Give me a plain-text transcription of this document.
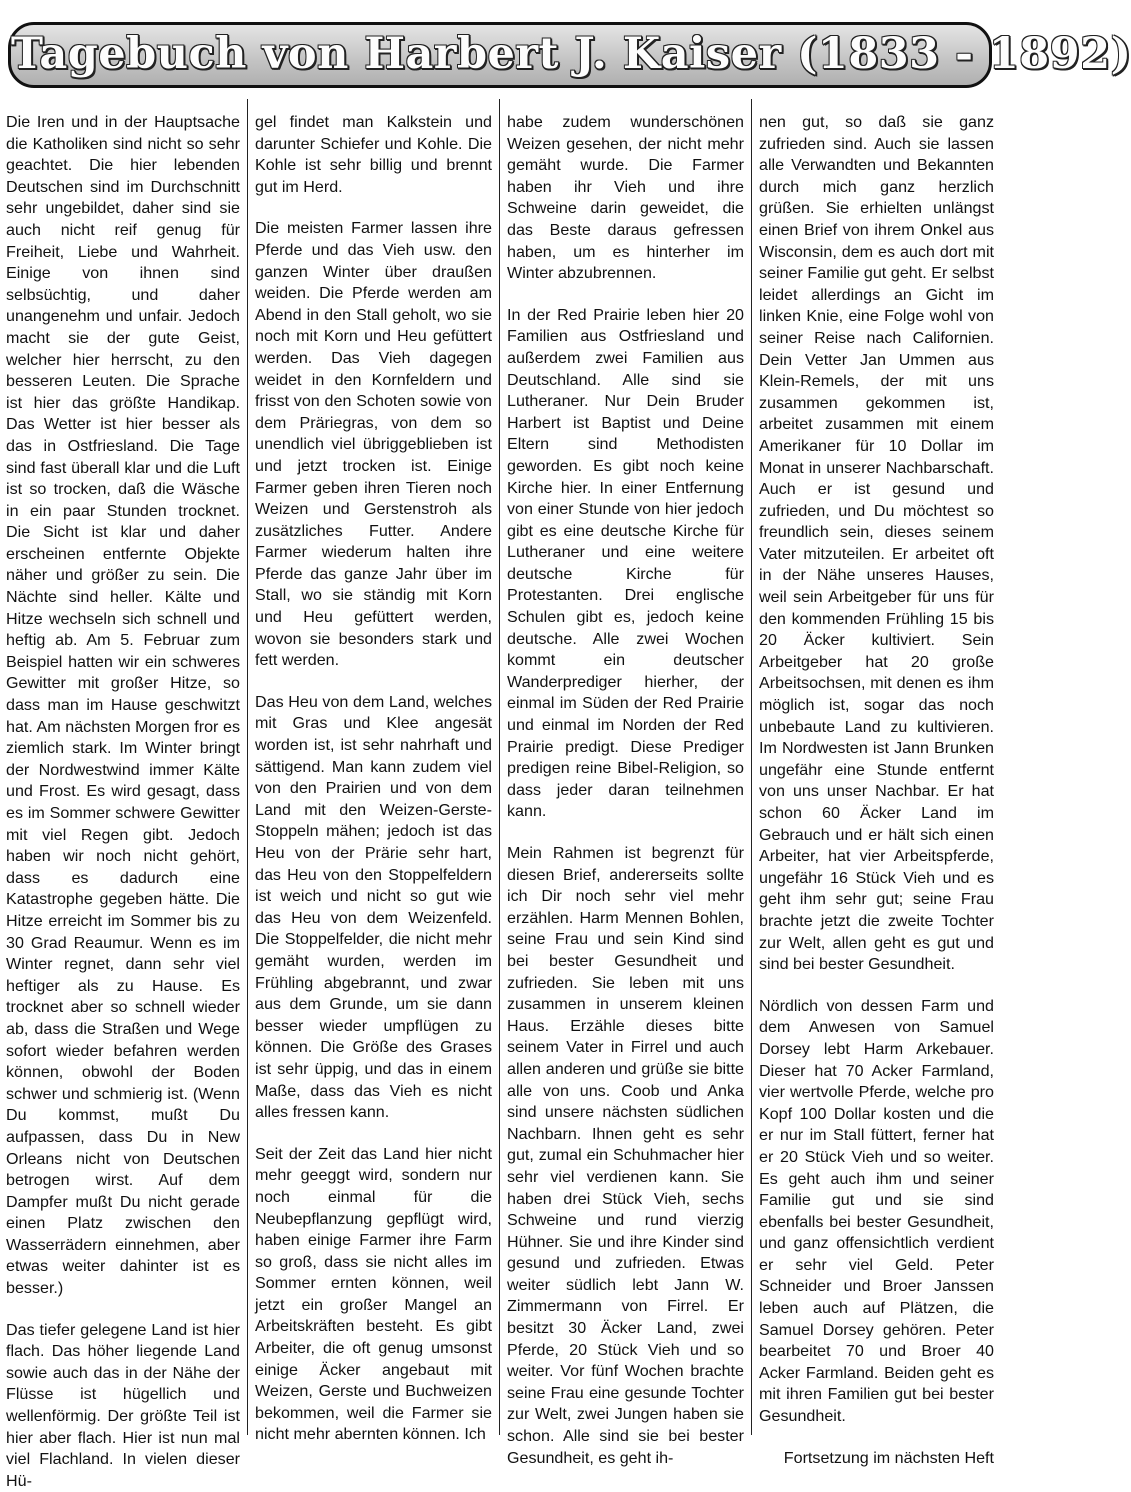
Tagebuch von Harbert J. Kaiser (1833 - 1892)

Die Iren und in der Hauptsache die Katholiken sind nicht so sehr geachtet. Die hier lebenden Deutschen sind im Durchschnitt sehr ungebildet, daher sind sie auch nicht reif genug für Freiheit, Liebe und Wahrheit. Einige von ihnen sind selbsüchtig, und daher unangenehm und unfair. Jedoch macht sie der gute Geist, welcher hier herrscht, zu den besseren Leuten. Die Sprache ist hier das größte Handikap. Das Wetter ist hier besser als das in Ostfriesland. Die Tage sind fast überall klar und die Luft ist so trocken, daß die Wäsche in ein paar Stunden trocknet. Die Sicht ist klar und daher erscheinen entfernte Objekte näher und größer zu sein. Die Nächte sind heller. Kälte und Hitze wechseln sich schnell und heftig ab. Am 5. Februar zum Beispiel hatten wir ein schweres Gewitter mit großer Hitze, so dass man im Hause geschwitzt hat. Am nächsten Morgen fror es ziemlich stark. Im Winter bringt der Nordwestwind immer Kälte und Frost. Es wird gesagt, dass es im Sommer schwere Gewitter mit viel Regen gibt. Jedoch haben wir noch nicht gehört, dass es dadurch eine Katastrophe gegeben hätte. Die Hitze erreicht im Sommer bis zu 30 Grad Reaumur. Wenn es im Winter regnet, dann sehr viel heftiger als zu Hause. Es trocknet aber so schnell wieder ab, dass die Straßen und Wege sofort wieder befahren werden können, obwohl der Boden schwer und schmierig ist. (Wenn Du kommst, mußt Du aufpassen, dass Du in New Orleans nicht von Deutschen betrogen wirst. Auf dem Dampfer mußt Du nicht gerade einen Platz zwischen den Wasserrädern einnehmen, aber etwas weiter dahinter ist es besser.)

Das tiefer gelegene Land ist hier flach. Das höher liegende Land sowie auch das in der Nähe der Flüsse ist hügellich und wellenförmig. Der größte Teil ist hier aber flach. Hier ist nun mal viel Flachland. In vielen dieser Hü-

gel findet man Kalkstein und darunter Schiefer und Kohle. Die Kohle ist sehr billig und brennt gut im Herd.

Die meisten Farmer lassen ihre Pferde und das Vieh usw. den ganzen Winter über draußen weiden. Die Pferde werden am Abend in den Stall geholt, wo sie noch mit Korn und Heu gefüttert werden. Das Vieh dagegen weidet in den Kornfeldern und frisst von den Schoten sowie von dem Präriegras, von dem so unendlich viel übriggeblieben ist und jetzt trocken ist. Einige Farmer geben ihren Tieren noch Weizen und Gerstenstroh als zusätzliches Futter. Andere Farmer wiederum halten ihre Pferde das ganze Jahr über im Stall, wo sie ständig mit Korn und Heu gefüttert werden, wovon sie besonders stark und fett werden.

Das Heu von dem Land, welches mit Gras und Klee angesät worden ist, ist sehr nahrhaft und sättigend. Man kann zudem viel von den Prairien und von dem Land mit den Weizen-Gerste-Stoppeln mähen; jedoch ist das Heu von der Prärie sehr hart, das Heu von den Stoppelfeldern ist weich und nicht so gut wie das Heu von dem Weizenfeld. Die Stoppelfelder, die nicht mehr gemäht wurden, werden im Frühling abgebrannt, und zwar aus dem Grunde, um sie dann besser wieder umpflügen zu können. Die Größe des Grases ist sehr üppig, und das in einem Maße, dass das Vieh es nicht alles fressen kann.

Seit der Zeit das Land hier nicht mehr geeggt wird, sondern nur noch einmal für die Neubepflanzung gepflügt wird, haben einige Farmer ihre Farm so groß, dass sie nicht alles im Sommer ernten können, weil jetzt ein großer Mangel an Arbeitskräften besteht. Es gibt Arbeiter, die oft genug umsonst einige Äcker angebaut mit Weizen, Gerste und Buchweizen bekommen, weil die Farmer sie nicht mehr abernten können. Ich

habe zudem wunderschönen Weizen gesehen, der nicht mehr gemäht wurde. Die Farmer haben ihr Vieh und ihre Schweine darin geweidet, die das Beste daraus gefressen haben, um es hinterher im Winter abzubrennen.

In der Red Prairie leben hier 20 Familien aus Ostfriesland und außerdem zwei Familien aus Deutschland. Alle sind sie Lutheraner. Nur Dein Bruder Harbert ist Baptist und Deine Eltern sind Methodisten geworden. Es gibt noch keine Kirche hier. In einer Entfernung von einer Stunde von hier jedoch gibt es eine deutsche Kirche für Lutheraner und eine weitere deutsche Kirche für Protestanten. Drei englische Schulen gibt es, jedoch keine deutsche. Alle zwei Wochen kommt ein deutscher Wanderprediger hierher, der einmal im Süden der Red Prairie und einmal im Norden der Red Prairie predigt. Diese Prediger predigen reine Bibel-Religion, so dass jeder daran teilnehmen kann.

Mein Rahmen ist begrenzt für diesen Brief, andererseits sollte ich Dir noch sehr viel mehr erzählen. Harm Mennen Bohlen, seine Frau und sein Kind sind bei bester Gesundheit und zufrieden. Sie leben mit uns zusammen in unserem kleinen Haus. Erzähle dieses bitte seinem Vater in Firrel und auch allen anderen und grüße sie bitte alle von uns. Coob und Anka sind unsere nächsten südlichen Nachbarn. Ihnen geht es sehr gut, zumal ein Schuhmacher hier sehr viel verdienen kann. Sie haben drei Stück Vieh, sechs Schweine und rund vierzig Hühner. Sie und ihre Kinder sind gesund und zufrieden. Etwas weiter südlich lebt Jann W. Zimmermann von Firrel. Er besitzt 30 Äcker Land, zwei Pferde, 20 Stück Vieh und so weiter. Vor fünf Wochen brachte seine Frau eine gesunde Tochter zur Welt, zwei Jungen haben sie schon. Alle sind sie bei bester Gesundheit, es geht ih-

nen gut, so daß sie ganz zufrieden sind. Auch sie lassen alle Verwandten und Bekannten durch mich ganz herzlich grüßen. Sie erhielten unlängst einen Brief von ihrem Onkel aus Wisconsin, dem es auch dort mit seiner Familie gut geht. Er selbst leidet allerdings an Gicht im linken Knie, eine Folge wohl von seiner Reise nach Californien. Dein Vetter Jan Ummen aus Klein-Remels, der mit uns zusammen gekommen ist, arbeitet zusammen mit einem Amerikaner für 10 Dollar im Monat in unserer Nachbarschaft. Auch er ist gesund und zufrieden, und Du möchtest so freundlich sein, dieses seinem Vater mitzuteilen. Er arbeitet oft in der Nähe unseres Hauses, weil sein Arbeitgeber für uns für den kommenden Frühling 15 bis 20 Äcker kultiviert. Sein Arbeitgeber hat 20 große Arbeitsochsen, mit denen es ihm möglich ist, sogar das noch unbebaute Land zu kultivieren. Im Nordwesten ist Jann Brunken ungefähr eine Stunde entfernt von uns unser Nachbar. Er hat schon 60 Äcker Land im Gebrauch und er hält sich einen Arbeiter, hat vier Arbeitspferde, ungefähr 16 Stück Vieh und es geht ihm sehr gut; seine Frau brachte jetzt die zweite Tochter zur Welt, allen geht es gut und sind bei bester Gesundheit.

Nördlich von dessen Farm und dem Anwesen von Samuel Dorsey lebt Harm Arkebauer. Dieser hat 70 Acker Farmland, vier wertvolle Pferde, welche pro Kopf 100 Dollar kosten und die er nur im Stall füttert, ferner hat er 20 Stück Vieh und so weiter. Es geht auch ihm und seiner Familie gut und sie sind ebenfalls bei bester Gesundheit, und ganz offensichtlich verdient er sehr viel Geld. Peter Schneider und Broer Janssen leben auch auf Plätzen, die Samuel Dorsey gehören. Peter bearbeitet 70 und Broer 40 Acker Farmland. Beiden geht es mit ihren Familien gut bei bester Gesundheit.

Fortsetzung im nächsten Heft
